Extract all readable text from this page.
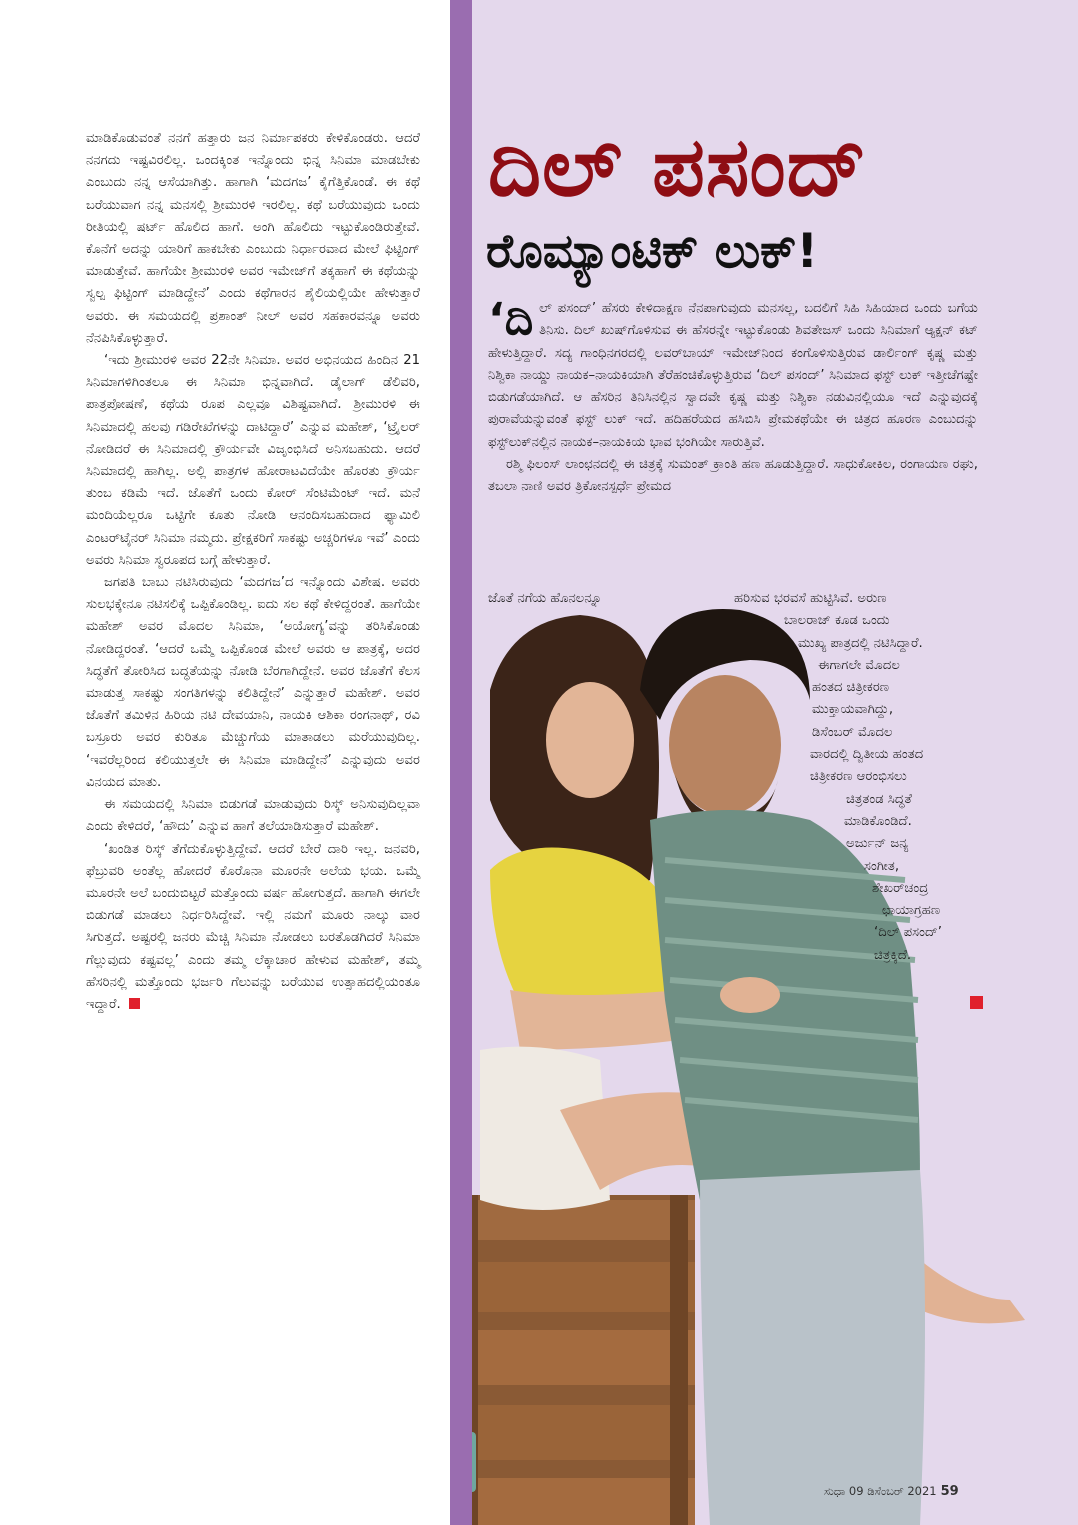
ಮಾಡಿಕೊಡುವಂತೆ ನನಗೆ ಹತ್ತಾರು ಜನ ನಿರ್ಮಾಪಕರು ಕೇಳಿಕೊಂಡರು. ಆದರೆ ನನಗದು ಇಷ್ಟವಿರಲಿಲ್ಲ. ಒಂದಕ್ಕಿಂತ ಇನ್ನೊಂದು ಭಿನ್ನ ಸಿನಿಮಾ ಮಾಡಬೇಕು ಎಂಬುದು ನನ್ನ ಆಸೆಯಾಗಿತ್ತು. ಹಾಗಾಗಿ ‘ಮದಗಜ’ ಕೈಗೆತ್ತಿಕೊಂಡೆ. ಈ ಕಥೆ ಬರೆಯುವಾಗ ನನ್ನ ಮನಸಲ್ಲಿ ಶ್ರೀಮುರಳಿ ಇರಲಿಲ್ಲ. ಕಥೆ ಬರೆಯುವುದು ಒಂದು ರೀತಿಯಲ್ಲಿ ಷರ್ಟ್ ಹೊಲಿದ ಹಾಗೆ. ಅಂಗಿ ಹೊಲಿದು ಇಟ್ಟುಕೊಂಡಿರುತ್ತೇವೆ. ಕೊನೆಗೆ ಅದನ್ನು ಯಾರಿಗೆ ಹಾಕಬೇಕು ಎಂಬುದು ನಿರ್ಧಾರವಾದ ಮೇಲೆ ಫಿಟ್ಟಿಂಗ್ ಮಾಡುತ್ತೇವೆ. ಹಾಗೆಯೇ ಶ್ರೀಮುರಳಿ ಅವರ ಇಮೇಜ್‌ಗೆ ತಕ್ಕಹಾಗೆ ಈ ಕಥೆಯನ್ನು ಸ್ವಲ್ಪ ಫಿಟ್ಟಿಂಗ್ ಮಾಡಿದ್ದೇನೆ’ ಎಂದು ಕಥೆಗಾರನ ಶೈಲಿಯಲ್ಲಿಯೇ ಹೇಳುತ್ತಾರೆ ಅವರು. ಈ ಸಮಯದಲ್ಲಿ ಪ್ರಶಾಂತ್ ನೀಲ್ ಅವರ ಸಹಕಾರವನ್ನೂ ಅವರು ನೆನಪಿಸಿಕೊಳ್ಳುತ್ತಾರೆ.

‘ಇದು ಶ್ರೀಮುರಳಿ ಅವರ 22ನೇ ಸಿನಿಮಾ. ಅವರ ಅಭಿನಯದ ಹಿಂದಿನ 21 ಸಿನಿಮಾಗಳಿಗಿಂತಲೂ ಈ ಸಿನಿಮಾ ಭಿನ್ನವಾಗಿದೆ. ಡೈಲಾಗ್ ಡೆಲಿವರಿ, ಪಾತ್ರಪೋಷಣೆ, ಕಥೆಯ ರೂಪ ಎಲ್ಲವೂ ವಿಶಿಷ್ಟವಾಗಿದೆ. ಶ್ರೀಮುರಳಿ ಈ ಸಿನಿಮಾದಲ್ಲಿ ಹಲವು ಗಡಿರೇಖೆಗಳನ್ನು ದಾಟಿದ್ದಾರೆ’ ಎನ್ನುವ ಮಹೇಶ್, ‘ಟ್ರೈಲರ್ ನೋಡಿದರೆ ಈ ಸಿನಿಮಾದಲ್ಲಿ ಕ್ರೌರ್ಯವೇ ವಿಜೃಂಭಿಸಿದೆ ಅನಿಸಬಹುದು. ಆದರೆ ಸಿನಿಮಾದಲ್ಲಿ ಹಾಗಿಲ್ಲ. ಅಲ್ಲಿ ಪಾತ್ರಗಳ ಹೋರಾಟವಿದೆಯೇ ಹೊರತು ಕ್ರೌರ್ಯ ತುಂಬ ಕಡಿಮೆ ಇದೆ. ಜೊತೆಗೆ ಒಂದು ಕೋರ್ ಸೆಂಟಿಮೆಂಟ್ ಇದೆ. ಮನೆ ಮಂದಿಯೆಲ್ಲರೂ ಒಟ್ಟಿಗೇ ಕೂತು ನೋಡಿ ಆನಂದಿಸಬಹುದಾದ ಫ್ಯಾಮಿಲಿ ಎಂಟರ್‌ಟೈನರ್ ಸಿನಿಮಾ ನಮ್ಮದು. ಪ್ರೇಕ್ಷಕರಿಗೆ ಸಾಕಷ್ಟು ಅಚ್ಚರಿಗಳೂ ಇವೆ’ ಎಂದು ಅವರು ಸಿನಿಮಾ ಸ್ವರೂಪದ ಬಗ್ಗೆ ಹೇಳುತ್ತಾರೆ.

ಜಗಪತಿ ಬಾಬು ನಟಿಸಿರುವುದು ‘ಮದಗಜ’ದ ಇನ್ನೊಂದು ವಿಶೇಷ. ಅವರು ಸುಲಭಕ್ಕೇನೂ ನಟಿಸಲಿಕ್ಕೆ ಒಪ್ಪಿಕೊಂಡಿಲ್ಲ. ಐದು ಸಲ ಕಥೆ ಕೇಳಿದ್ದರಂತೆ. ಹಾಗೆಯೇ ಮಹೇಶ್ ಅವರ ಮೊದಲ ಸಿನಿಮಾ, ‘ಅಯೋಗ್ಯ’ವನ್ನು ತರಿಸಿಕೊಂಡು ನೋಡಿದ್ದರಂತೆ. ‘ಆದರೆ ಒಮ್ಮೆ ಒಪ್ಪಿಕೊಂಡ ಮೇಲೆ ಅವರು ಆ ಪಾತ್ರಕ್ಕೆ, ಅದರ ಸಿದ್ಧತೆಗೆ ತೋರಿಸಿದ ಬದ್ಧತೆಯನ್ನು ನೋಡಿ ಬೆರಗಾಗಿದ್ದೇನೆ. ಅವರ ಜೊತೆಗೆ ಕೆಲಸ ಮಾಡುತ್ತ ಸಾಕಷ್ಟು ಸಂಗತಿಗಳನ್ನು ಕಲಿತಿದ್ದೇನೆ’ ಎನ್ನುತ್ತಾರೆ ಮಹೇಶ್. ಅವರ ಜೊತೆಗೆ ತಮಿಳಿನ ಹಿರಿಯ ನಟಿ ದೇವಯಾನಿ, ನಾಯಕಿ ಆಶಿಕಾ ರಂಗನಾಥ್, ರವಿ ಬಸ್ರೂರು ಅವರ ಕುರಿತೂ ಮೆಚ್ಚುಗೆಯ ಮಾತಾಡಲು ಮರೆಯುವುದಿಲ್ಲ. ‘ಇವರೆಲ್ಲರಿಂದ ಕಲಿಯುತ್ತಲೇ ಈ ಸಿನಿಮಾ ಮಾಡಿದ್ದೇನೆ’ ಎನ್ನುವುದು ಅವರ ವಿನಯದ ಮಾತು.

ಈ ಸಮಯದಲ್ಲಿ ಸಿನಿಮಾ ಬಿಡುಗಡೆ ಮಾಡುವುದು ರಿಸ್ಕ್ ಅನಿಸುವುದಿಲ್ಲವಾ ಎಂದು ಕೇಳಿದರೆ, ‘ಹೌದು’ ಎನ್ನುವ ಹಾಗೆ ತಲೆಯಾಡಿಸುತ್ತಾರೆ ಮಹೇಶ್.

‘ಖಂಡಿತ ರಿಸ್ಕ್ ತೆಗೆದುಕೊಳ್ಳುತ್ತಿದ್ದೇವೆ. ಆದರೆ ಬೇರೆ ದಾರಿ ಇಲ್ಲ. ಜನವರಿ, ಫೆಬ್ರುವರಿ ಅಂತೆಲ್ಲ ಹೋದರೆ ಕೊರೊನಾ ಮೂರನೇ ಅಲೆಯ ಭಯ. ಒಮ್ಮೆ ಮೂರನೇ ಅಲೆ ಬಂದುಬಿಟ್ಟರೆ ಮತ್ತೊಂದು ವರ್ಷ ಹೋಗುತ್ತದೆ. ಹಾಗಾಗಿ ಈಗಲೇ ಬಿಡುಗಡೆ ಮಾಡಲು ನಿರ್ಧರಿಸಿದ್ದೇವೆ. ಇಲ್ಲಿ ನಮಗೆ ಮೂರು ನಾಲ್ಕು ವಾರ ಸಿಗುತ್ತದೆ. ಅಷ್ಟರಲ್ಲಿ ಜನರು ಮೆಚ್ಚಿ ಸಿನಿಮಾ ನೋಡಲು ಬರತೊಡಗಿದರೆ ಸಿನಿಮಾ ಗೆಲ್ಲುವುದು ಕಷ್ಟವಲ್ಲ’ ಎಂದು ತಮ್ಮ ಲೆಕ್ಕಾಚಾರ ಹೇಳುವ ಮಹೇಶ್, ತಮ್ಮ ಹೆಸರಿನಲ್ಲಿ ಮತ್ತೊಂದು ಭರ್ಜರಿ ಗೆಲುವನ್ನು ಬರೆಯುವ ಉತ್ಸಾಹದಲ್ಲಿಯಂತೂ ಇದ್ದಾರೆ.

ದಿಲ್ ಪಸಂದ್
ರೊಮ್ಯಾಂಟಿಕ್ ಲುಕ್!

‘ದಿಲ್ ಪಸಂದ್’ ಹೆಸರು ಕೇಳಿದಾಕ್ಷಣ ನೆನಪಾಗುವುದು ಮನಸಲ್ಲ, ಬದಲಿಗೆ ಸಿಹಿ ಸಿಹಿಯಾದ ಒಂದು ಬಗೆಯ ತಿನಿಸು. ದಿಲ್ ಖುಷ್‌ಗೊಳಿಸುವ ಈ ಹೆಸರನ್ನೇ ಇಟ್ಟುಕೊಂಡು ಶಿವತೇಜಸ್ ಒಂದು ಸಿನಿಮಾಗೆ ಆ್ಯಕ್ಷನ್ ಕಟ್ ಹೇಳುತ್ತಿದ್ದಾರೆ. ಸದ್ಯ ಗಾಂಧಿನಗರದಲ್ಲಿ ಲವರ್‌ಬಾಯ್ ಇಮೇಜ್‌ನಿಂದ ಕಂಗೊಳಿಸುತ್ತಿರುವ ಡಾರ್ಲಿಂಗ್ ಕೃಷ್ಣ ಮತ್ತು ನಿಶ್ವಿಕಾ ನಾಯ್ಡು ನಾಯಕ–ನಾಯಕಿಯಾಗಿ ತೆರೆಹಂಚಿಕೊಳ್ಳುತ್ತಿರುವ ‘ದಿಲ್ ಪಸಂದ್’ ಸಿನಿಮಾದ ಫಸ್ಟ್ ಲುಕ್ ಇತ್ತೀಚೆಗಷ್ಟೇ ಬಿಡುಗಡೆಯಾಗಿದೆ. ಆ ಹೆಸರಿನ ತಿನಿಸಿನಲ್ಲಿನ ಸ್ವಾದವೇ ಕೃಷ್ಣ ಮತ್ತು ನಿಶ್ವಿಕಾ ನಡುವಿನಲ್ಲಿಯೂ ಇದೆ ಎನ್ನುವುದಕ್ಕೆ ಪುರಾವೆಯನ್ನುವಂತೆ ಫಸ್ಟ್ ಲುಕ್ ಇದೆ. ಹದಿಹರೆಯದ ಹಸಿಬಿಸಿ ಪ್ರೇಮಕಥೆಯೇ ಈ ಚಿತ್ರದ ಹೂರಣ ಎಂಬುದನ್ನು ಫಸ್ಟ್‌ಲುಕ್‌ನಲ್ಲಿನ ನಾಯಕ–ನಾಯಕಿಯ ಭಾವ ಭಂಗಿಯೇ ಸಾರುತ್ತಿವೆ.

ರಶ್ಮಿ ಫಿಲಂಸ್ ಲಾಂಛನದಲ್ಲಿ ಈ ಚಿತ್ರಕ್ಕೆ ಸುಮಂತ್ ಕ್ರಾಂತಿ ಹಣ ಹೂಡುತ್ತಿದ್ದಾರೆ. ಸಾಧುಕೋಕಿಲ, ರಂಗಾಯಣ ರಘು, ತಬಲಾ ನಾಣಿ ಅವರ ತ್ರಿಕೋನಸ್ಪರ್ಧೆ ಪ್ರೇಮದ

ಜೊತೆ ನಗೆಯ ಹೊನಲನ್ನೂ	ಹರಿಸುವ ಭರವಸೆ ಹುಟ್ಟಿಸಿವೆ. ಅರುಣ
ಬಾಲರಾಜ್ ಕೂಡ ಒಂದು
ಮುಖ್ಯ ಪಾತ್ರದಲ್ಲಿ ನಟಿಸಿದ್ದಾರೆ.
ಈಗಾಗಲೇ ಮೊದಲ
ಹಂತದ ಚಿತ್ರೀಕರಣ
ಮುಕ್ತಾಯವಾಗಿದ್ದು,
ಡಿಸೆಂಬರ್ ಮೊದಲ
ವಾರದಲ್ಲಿ ದ್ವಿತೀಯ ಹಂತದ
ಚಿತ್ರೀಕರಣ ಆರಂಭಿಸಲು
ಚಿತ್ರತಂಡ ಸಿದ್ಧತೆ
ಮಾಡಿಕೊಂಡಿದೆ.
ಅರ್ಜುನ್ ಜನ್ಯ
ಸಂಗೀತ,
ಶೇಖರ್‌ಚಂದ್ರ
ಛಾಯಾಗ್ರಹಣ
‘ದಿಲ್ ಪಸಂದ್’
ಚಿತ್ರಕ್ಕಿದೆ.
ಸುಧಾ 09 ಡಿಸೆಂಬರ್ 2021 59
